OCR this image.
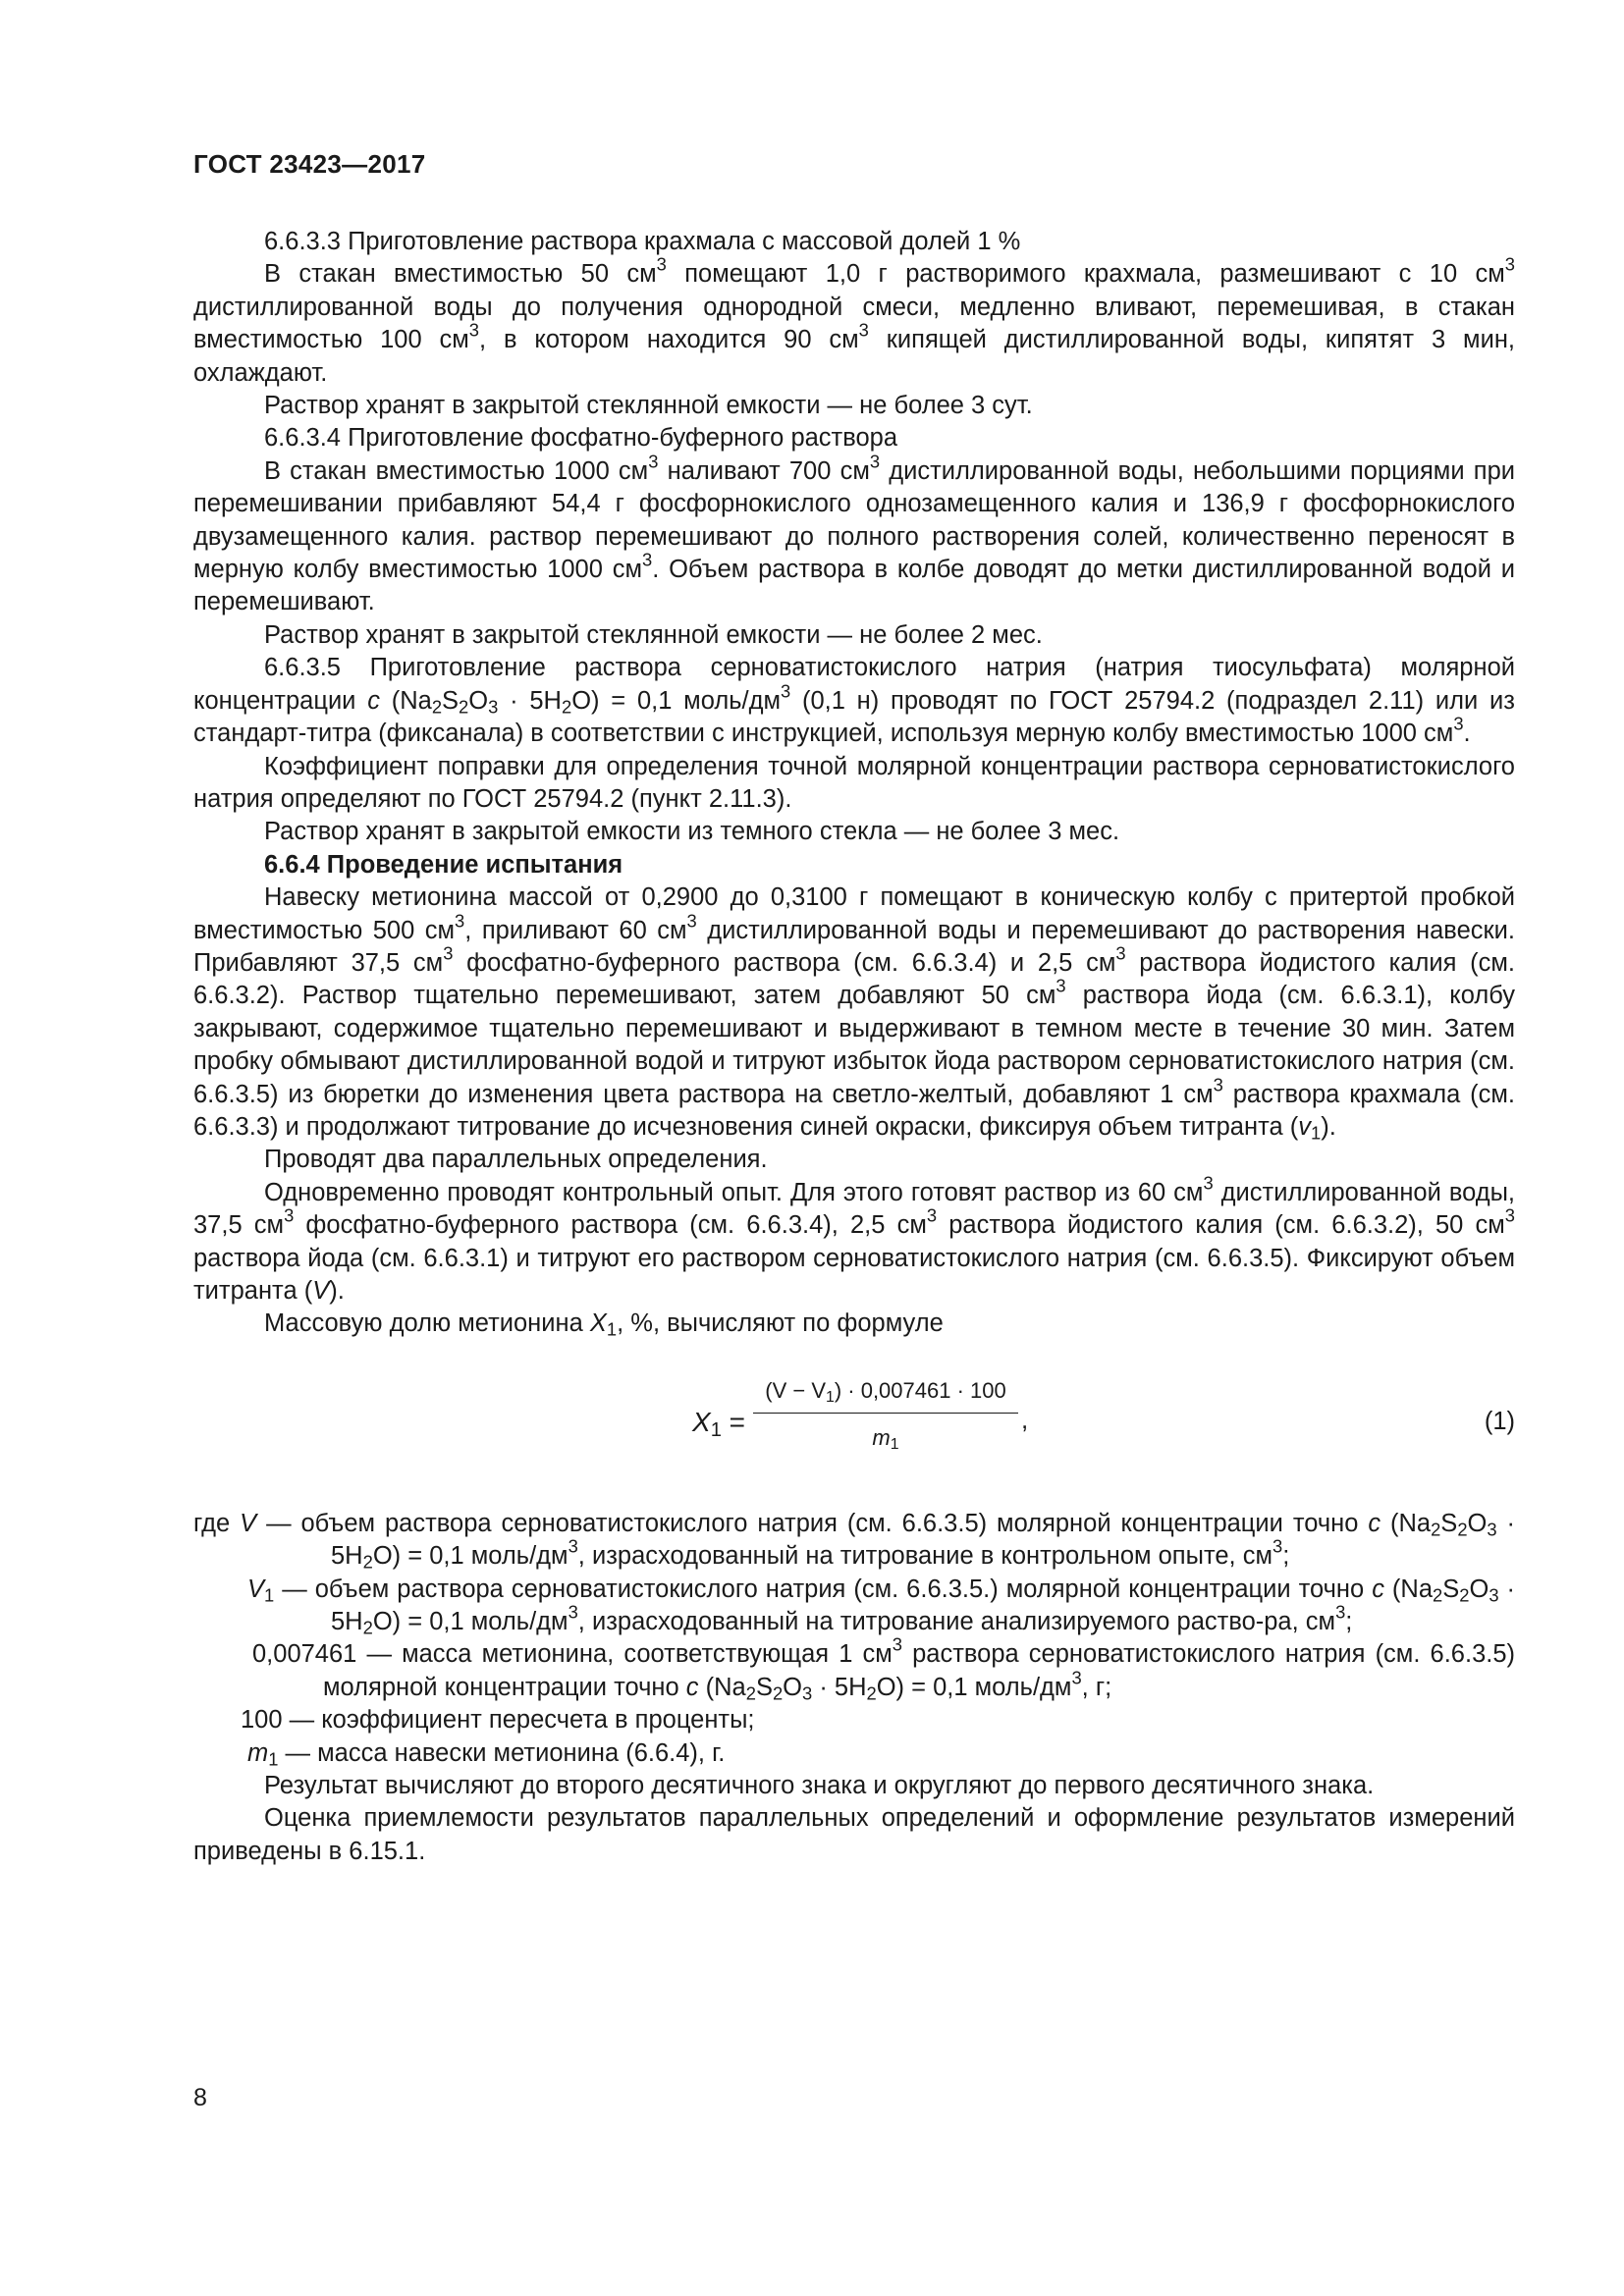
ГОСТ 23423—2017

6.6.3.3 Приготовление раствора крахмала с массовой долей 1 %

В стакан вместимостью 50 $см^3$ помещают 1,0 г растворимого крахмала, размешивают с 10 $см^3$ дистиллированной воды до получения однородной смеси, медленно вливают, перемешивая, в стакан вместимостью 100 $см^3$, в котором находится 90 $см^3$ кипящей дистиллированной воды, кипятят 3 мин, охлаждают.

Раствор хранят в закрытой стеклянной емкости — не более 3 сут.

6.6.3.4 Приготовление фосфатно-буферного раствора

В стакан вместимостью 1000 $см^3$ наливают 700 $см^3$ дистиллированной воды, небольшими порциями при перемешивании прибавляют 54,4 г фосфорнокислого однозамещенного калия и 136,9 г фосфорнокислого двузамещенного калия. раствор перемешивают до полного растворения солей, количественно переносят в мерную колбу вместимостью 1000 $см^3$. Объем раствора в колбе доводят до метки дистиллированной водой и перемешивают.

Раствор хранят в закрытой стеклянной емкости — не более 2 мес.

6.6.3.5 Приготовление раствора серноватистокислого натрия (натрия тиосульфата) молярной концентрации c $(Na_2S_2O_3 \cdot 5H_2O) = 0,1$ моль/$дм^3$ (0,1 н) проводят по ГОСТ 25794.2 (подраздел 2.11) или из стандарт-титра (фиксанала) в соответствии с инструкцией, используя мерную колбу вместимостью 1000 $см^3$.

Коэффициент поправки для определения точной молярной концентрации раствора серноватистокислого натрия определяют по ГОСТ 25794.2 (пункт 2.11.3).

Раствор хранят в закрытой емкости из темного стекла — не более 3 мес.

6.6.4 Проведение испытания

Навеску метионина массой от 0,2900 до 0,3100 г помещают в коническую колбу с притертой пробкой вместимостью 500 $см^3$, приливают 60 $см^3$ дистиллированной воды и перемешивают до растворения навески. Прибавляют 37,5 $см^3$ фосфатно-буферного раствора (см. 6.6.3.4) и 2,5 $см^3$ раствора йодистого калия (см. 6.6.3.2). Раствор тщательно перемешивают, затем добавляют 50 $см^3$ раствора йода (см. 6.6.3.1), колбу закрывают, содержимое тщательно перемешивают и выдерживают в темном месте в течение 30 мин. Затем пробку обмывают дистиллированной водой и титруют избыток йода раствором серноватистокислого натрия (см. 6.6.3.5) из бюретки до изменения цвета раствора на светло-желтый, добавляют 1 $см^3$ раствора крахмала (см. 6.6.3.3) и продолжают титрование до исчезновения синей окраски, фиксируя объем титранта $(v_1)$.

Проводят два параллельных определения.

Одновременно проводят контрольный опыт. Для этого готовят раствор из 60 $см^3$ дистиллированной воды, 37,5 $см^3$ фосфатно-буферного раствора (см. 6.6.3.4), 2,5 $см^3$ раствора йодистого калия (см. 6.6.3.2), 50 $см^3$ раствора йода (см. 6.6.3.1) и титруют его раствором серноватистокислого натрия (см. 6.6.3.5). Фиксируют объем титранта (V).

Массовую долю метионина $X_1$, %, вычисляют по формуле

$X_1 = \frac{(V - V_1) \cdot 0,007461 \cdot 100}{m_1}$ ,	(1)

где V — объем раствора серноватистокислого натрия (см. 6.6.3.5) молярной концентрации точно c $(Na_2S_2O_3 \cdot 5H_2O) = 0,1$ моль/$дм^3$, израсходованный на титрование в контрольном опыте, $см^3$;

$V_1$ — объем раствора серноватистокислого натрия (см. 6.6.3.5.) молярной концентрации точно c $(Na_2S_2O_3 \cdot 5H_2O) = 0,1$ моль/$дм^3$, израсходованный на титрование анализируемого раство-ра, $см^3$;

0,007461 — масса метионина, соответствующая 1 $см^3$ раствора серноватистокислого натрия (см. 6.6.3.5) молярной концентрации точно c $(Na_2S_2O_3 \cdot 5H_2O) = 0,1$ моль/$дм^3$, г;

100 — коэффициент пересчета в проценты;

$m_1$ — масса навески метионина (6.6.4), г.

Результат вычисляют до второго десятичного знака и округляют до первого десятичного знака.

Оценка приемлемости результатов параллельных определений и оформление результатов измерений приведены в 6.15.1.

8
